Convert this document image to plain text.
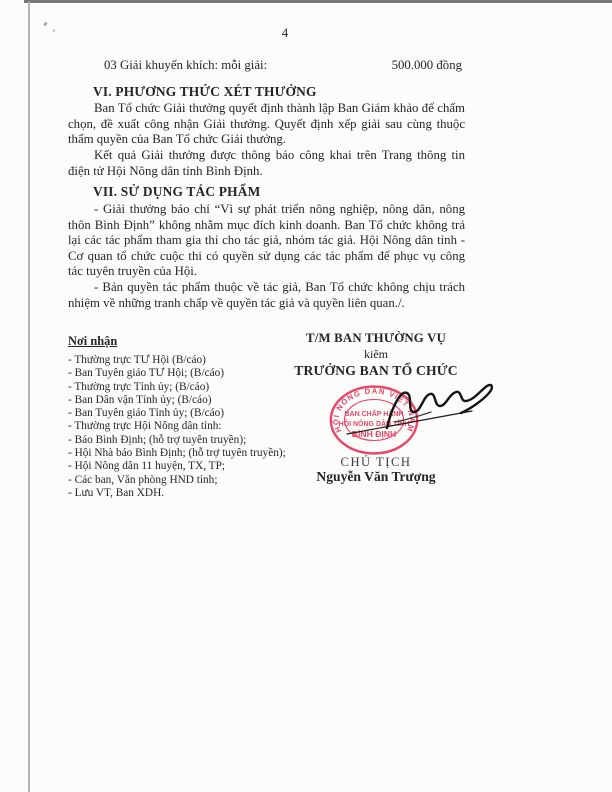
4
03 Giải khuyến khích: mỗi giải:	500.000 đồng
VI. PHƯƠNG THỨC XÉT THƯỞNG

Ban Tổ chức Giải thưởng quyết định thành lập Ban Giám khảo để chấm chọn, đề xuất công nhận Giải thưởng. Quyết định xếp giải sau cùng thuộc thẩm quyền của Ban Tổ chức Giải thưởng.

Kết quả Giải thưởng được thông báo công khai trên Trang thông tin điện tử Hội Nông dân tỉnh Bình Định.

VII. SỬ DỤNG TÁC PHẨM

- Giải thưởng báo chí “Vì sự phát triển nông nghiệp, nông dân, nông thôn Bình Định” không nhằm mục đích kinh doanh. Ban Tổ chức không trả lại các tác phẩm tham gia thi cho tác giả, nhóm tác giả. Hội Nông dân tỉnh - Cơ quan tổ chức cuộc thi có quyền sử dụng các tác phẩm để phục vụ công tác tuyên truyền của Hội.

- Bản quyền tác phẩm thuộc về tác giả, Ban Tổ chức không chịu trách nhiệm về những tranh chấp về quyền tác giả và quyền liên quan./.

Nơi nhận
- Thường trực TƯ Hội (B/cáo)
- Ban Tuyên giáo TƯ Hội; (B/cáo)
- Thường trực Tỉnh ủy; (B/cáo)
- Ban Dân vận Tỉnh ủy; (B/cáo)
- Ban Tuyên giáo Tỉnh ủy; (B/cáo)
- Thường trực Hội Nông dân tỉnh:
- Báo Bình Định; (hỗ trợ tuyên truyền);
- Hội Nhà báo Bình Định; (hỗ trợ tuyên truyền);
- Hội Nông dân 11 huyện, TX, TP;
- Các ban, Văn phòng HND tỉnh;
- Lưu VT, Ban XDH.
T/M BAN THƯỜNG VỤ
kiêm
TRƯỞNG BAN TỔ CHỨC
HỘI NÔNG DÂN VIỆT NAM
BAN CHẤP HÀNH
HỘI NÔNG DÂN TỈNH
BÌNH ĐỊNH
CHỦ TỊCH
Nguyễn Văn Trượng
